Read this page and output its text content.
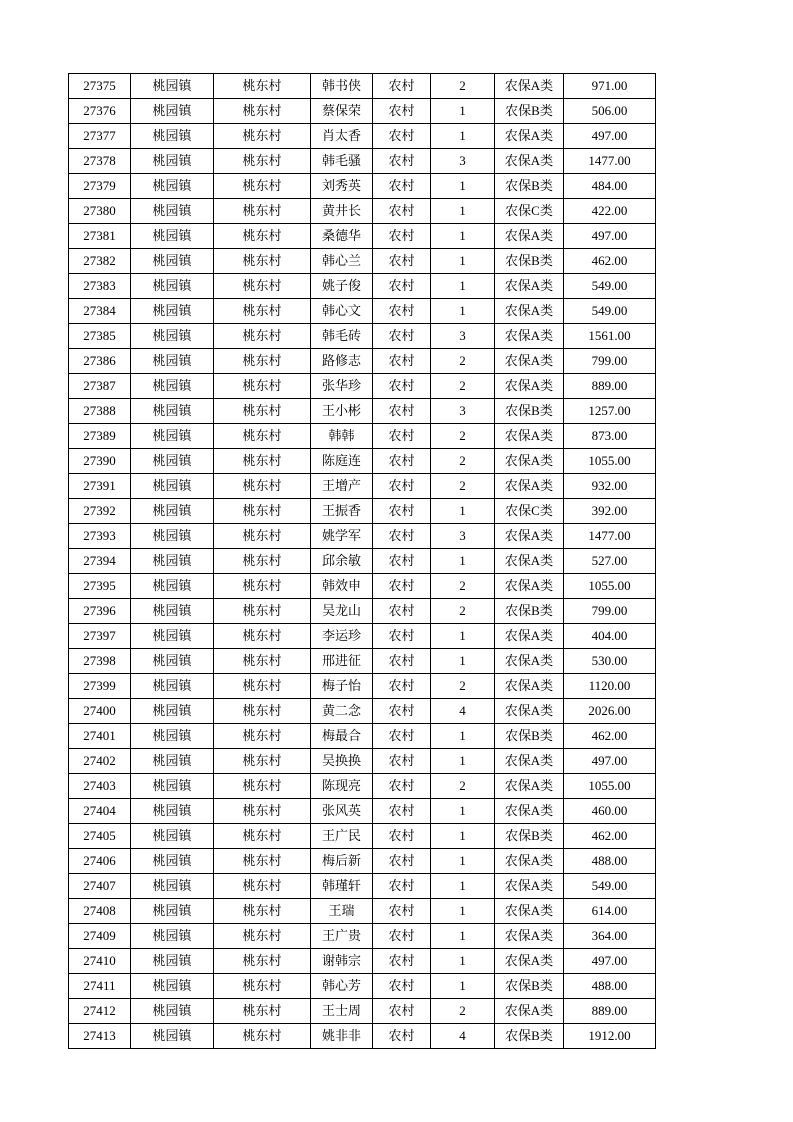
27375	桃园镇	桃东村	韩书侠	农村	2	农保A类	971.00
27376	桃园镇	桃东村	蔡保荣	农村	1	农保B类	506.00
27377	桃园镇	桃东村	肖太香	农村	1	农保A类	497.00
27378	桃园镇	桃东村	韩毛骚	农村	3	农保A类	1477.00
27379	桃园镇	桃东村	刘秀英	农村	1	农保B类	484.00
27380	桃园镇	桃东村	黄井长	农村	1	农保C类	422.00
27381	桃园镇	桃东村	桑德华	农村	1	农保A类	497.00
27382	桃园镇	桃东村	韩心兰	农村	1	农保B类	462.00
27383	桃园镇	桃东村	姚子俊	农村	1	农保A类	549.00
27384	桃园镇	桃东村	韩心文	农村	1	农保A类	549.00
27385	桃园镇	桃东村	韩毛砖	农村	3	农保A类	1561.00
27386	桃园镇	桃东村	路修志	农村	2	农保A类	799.00
27387	桃园镇	桃东村	张华珍	农村	2	农保A类	889.00
27388	桃园镇	桃东村	王小彬	农村	3	农保B类	1257.00
27389	桃园镇	桃东村	韩韩	农村	2	农保A类	873.00
27390	桃园镇	桃东村	陈庭连	农村	2	农保A类	1055.00
27391	桃园镇	桃东村	王增产	农村	2	农保A类	932.00
27392	桃园镇	桃东村	王振香	农村	1	农保C类	392.00
27393	桃园镇	桃东村	姚学军	农村	3	农保A类	1477.00
27394	桃园镇	桃东村	邱余敏	农村	1	农保A类	527.00
27395	桃园镇	桃东村	韩效申	农村	2	农保A类	1055.00
27396	桃园镇	桃东村	吴龙山	农村	2	农保B类	799.00
27397	桃园镇	桃东村	李运珍	农村	1	农保A类	404.00
27398	桃园镇	桃东村	邢进征	农村	1	农保A类	530.00
27399	桃园镇	桃东村	梅子怡	农村	2	农保A类	1120.00
27400	桃园镇	桃东村	黄二念	农村	4	农保A类	2026.00
27401	桃园镇	桃东村	梅最合	农村	1	农保B类	462.00
27402	桃园镇	桃东村	吴换换	农村	1	农保A类	497.00
27403	桃园镇	桃东村	陈现亮	农村	2	农保A类	1055.00
27404	桃园镇	桃东村	张风英	农村	1	农保A类	460.00
27405	桃园镇	桃东村	王广民	农村	1	农保B类	462.00
27406	桃园镇	桃东村	梅后新	农村	1	农保A类	488.00
27407	桃园镇	桃东村	韩瑾轩	农村	1	农保A类	549.00
27408	桃园镇	桃东村	王瑞	农村	1	农保A类	614.00
27409	桃园镇	桃东村	王广贵	农村	1	农保A类	364.00
27410	桃园镇	桃东村	谢韩宗	农村	1	农保A类	497.00
27411	桃园镇	桃东村	韩心芳	农村	1	农保B类	488.00
27412	桃园镇	桃东村	王士周	农村	2	农保A类	889.00
27413	桃园镇	桃东村	姚非非	农村	4	农保B类	1912.00
